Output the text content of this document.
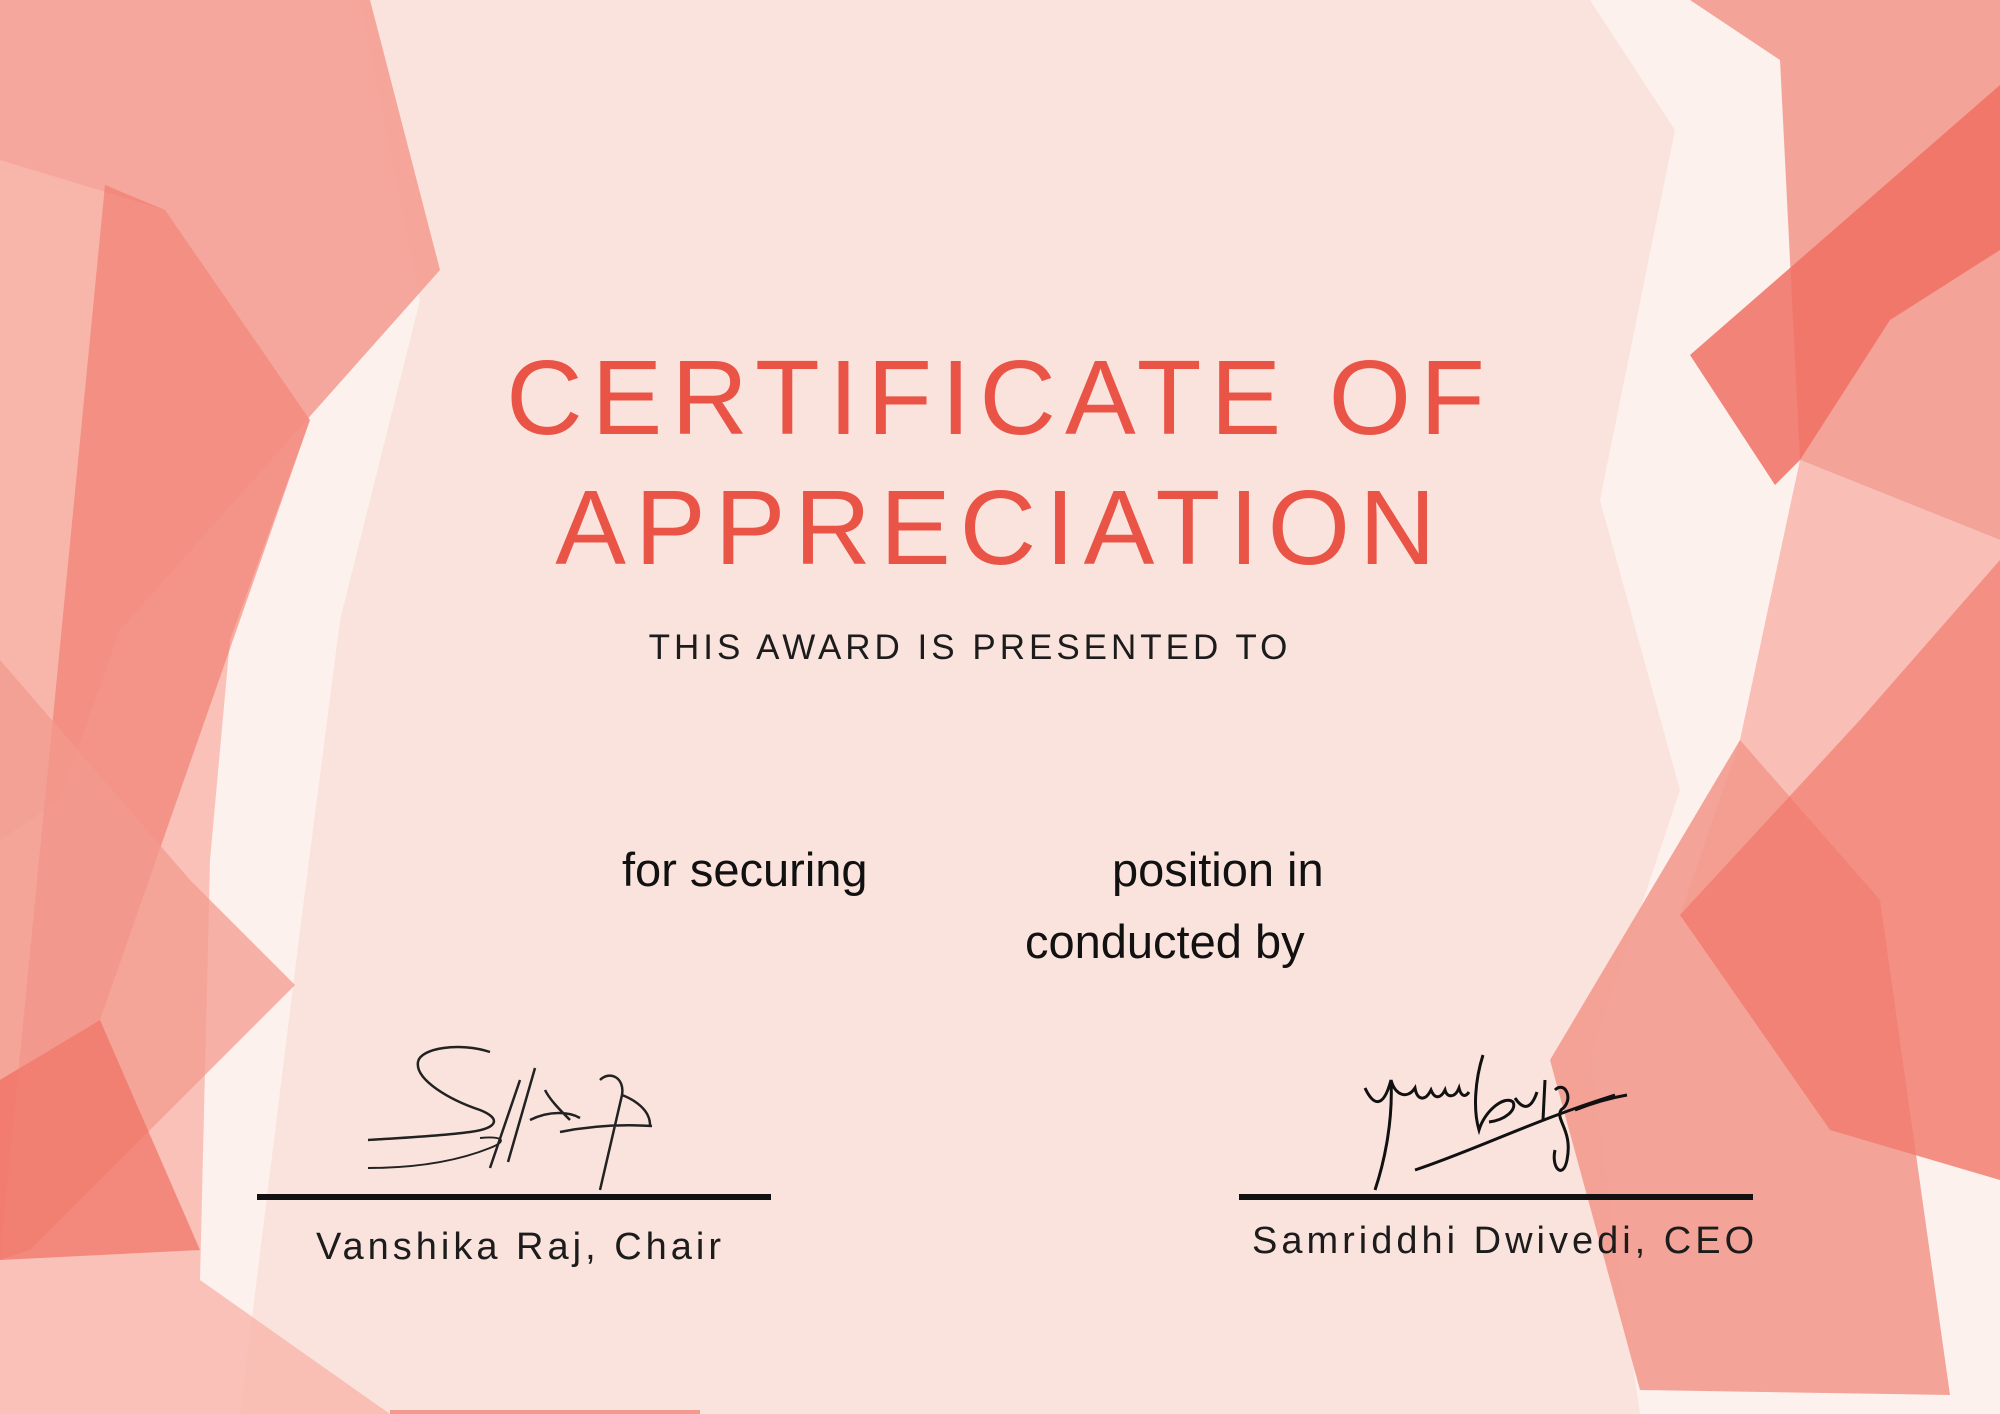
CERTIFICATE OF
APPRECIATION

THIS AWARD IS PRESENTED TO

for securing	position in

conducted by

Vanshika Raj, Chair	Samriddhi Dwivedi, CEO
